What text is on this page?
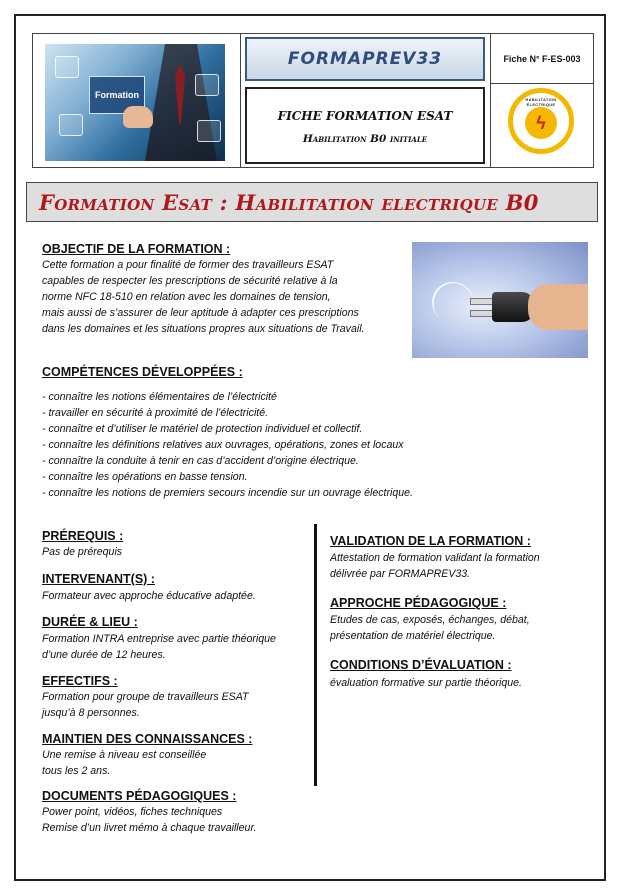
Formation
FORMAPREV33
FICHE FORMATION ESAT
Habilitation B0 initiale
Fiche N° F-ES-003
HABILITATION ÉLECTRIQUE
ϟ
Formation Esat : Habilitation electrique B0
OBJECTIF DE LA FORMATION :
Cette formation a pour finalité de former des travailleurs ESAT
capables de respecter les prescriptions de sécurité relative à la
norme NFC 18-510 en relation avec les domaines de tension,
mais aussi de s’assurer de leur aptitude à adapter ces prescriptions
dans les domaines et les situations propres aux situations de Travail.
COMPÉTENCES DÉVELOPPÉES :
- connaître les notions élémentaires de l’électricité
- travailler en sécurité à proximité de l’électricité.
- connaître et d’utiliser le matériel de protection individuel et collectif.
- connaître les définitions relatives aux ouvrages, opérations, zones et locaux
- connaître la conduite à tenir en cas d’accident d’origine électrique.
- connaître les opérations en basse tension.
- connaître les notions de premiers secours incendie sur un ouvrage électrique.
PRÉREQUIS :
Pas de prérequis
INTERVENANT(S) :
Formateur avec approche éducative adaptée.
DURÉE & LIEU :
Formation INTRA entreprise avec partie théorique
d’une durée de 12 heures.
EFFECTIFS :
Formation pour groupe de travailleurs ESAT
jusqu’à 8 personnes.
MAINTIEN DES CONNAISSANCES :
Une remise à niveau est conseillée
tous les 2 ans.
DOCUMENTS PÉDAGOGIQUES :
Power point, vidéos, fiches techniques
Remise d’un livret mémo à chaque travailleur.
VALIDATION DE LA FORMATION :
Attestation de formation validant la formation
délivrée par FORMAPREV33.
APPROCHE PÉDAGOGIQUE :
Etudes de cas, exposés, échanges, débat,
présentation de matériel électrique.
CONDITIONS D’ÉVALUATION :
évaluation formative sur partie théorique.
